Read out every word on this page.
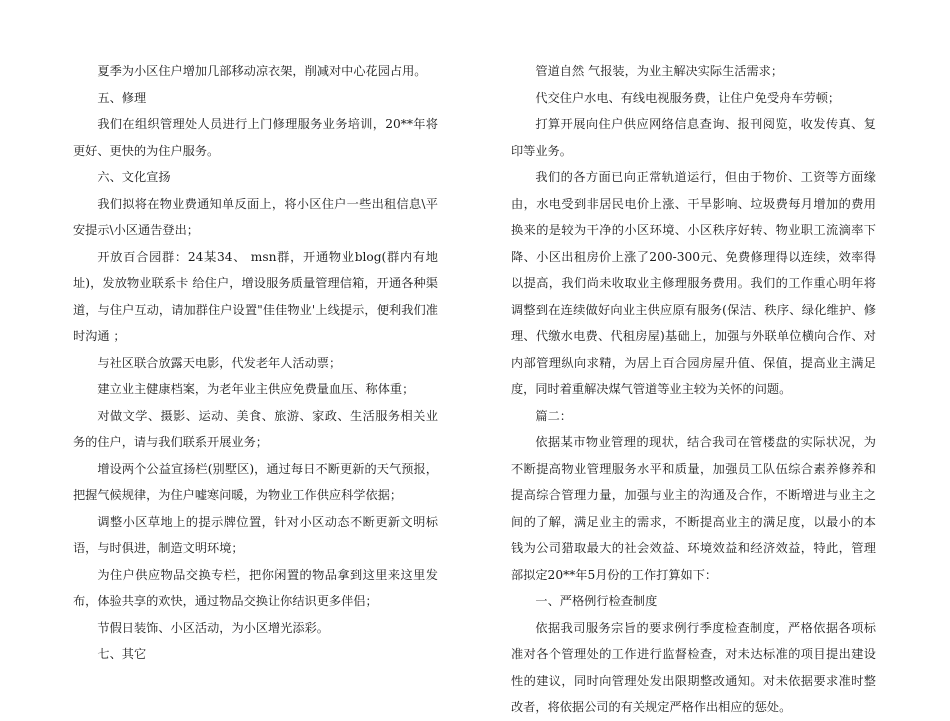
夏季为小区住户增加几部移动凉衣架，削减对中心花园占用。

五、修理

我们在组织管理处人员进行上门修理服务业务培训，20**年将更好、更快的为住户服务。

六、文化宣扬

我们拟将在物业费通知单反面上，将小区住户一些出租信息\平安提示\小区通告登出；

开放百合园群：24某34、 msn群，开通物业blog(群内有地址)，发放物业联系卡 给住户，增设服务质量管理信箱，开通各种渠道，与住户互动，请加群住户设置"佳佳物业'上线提示，便利我们准时沟通 ；

与社区联合放露天电影，代发老年人活动票；

建立业主健康档案，为老年业主供应免费量血压、称体重；

对做文学、摄影、运动、美食、旅游、家政、生活服务相关业务的住户，请与我们联系开展业务；

增设两个公益宣扬栏(别墅区)，通过每日不断更新的天气预报，把握气候规律，为住户嘘寒问暖，为物业工作供应科学依据；

调整小区草地上的提示牌位置，针对小区动态不断更新文明标语，与时俱进，制造文明环境；

为住户供应物品交换专栏，把你闲置的物品拿到这里来这里发布，体验共享的欢快，通过物品交换让你结识更多伴侣；

节假日装饰、小区活动，为小区增光添彩。

七、其它

管道自然 气报装，为业主解决实际生活需求；

代交住户水电、有线电视服务费，让住户免受舟车劳顿；

打算开展向住户供应网络信息查询、报刊阅览，收发传真、复印等业务。

我们的各方面已向正常轨道运行，但由于物价、工资等方面缘由，水电受到非居民电价上涨、干旱影响、垃圾费每月增加的费用换来的是较为干净的小区环境、小区秩序好转、物业职工流滴率下降、小区出租房价上涨了200-300元、免费修理得以连续，效率得以提高，我们尚未收取业主修理服务费用。我们的工作重心明年将调整到在连续做好向业主供应原有服务(保洁、秩序、绿化维护、修理、代缴水电费、代租房屋)基础上，加强与外联单位横向合作、对内部管理纵向求精，为居上百合园房屋升值、保值，提高业主满足度，同时着重解决煤气管道等业主较为关怀的问题。

篇二：

依据某市物业管理的现状，结合我司在管楼盘的实际状况，为不断提高物业管理服务水平和质量，加强员工队伍综合素养修养和提高综合管理力量，加强与业主的沟通及合作，不断增进与业主之间的了解，满足业主的需求，不断提高业主的满足度，以最小的本钱为公司猎取最大的社会效益、环境效益和经济效益，特此，管理部拟定20**年5月份的工作打算如下：

一、严格例行检查制度

依据我司服务宗旨的要求例行季度检查制度，严格依据各项标准对各个管理处的工作进行监督检查，对未达标准的项目提出建设性的建议，同时向管理处发出限期整改通知。对未依据要求准时整改者，将依据公司的有关规定严格作出相应的惩处。
